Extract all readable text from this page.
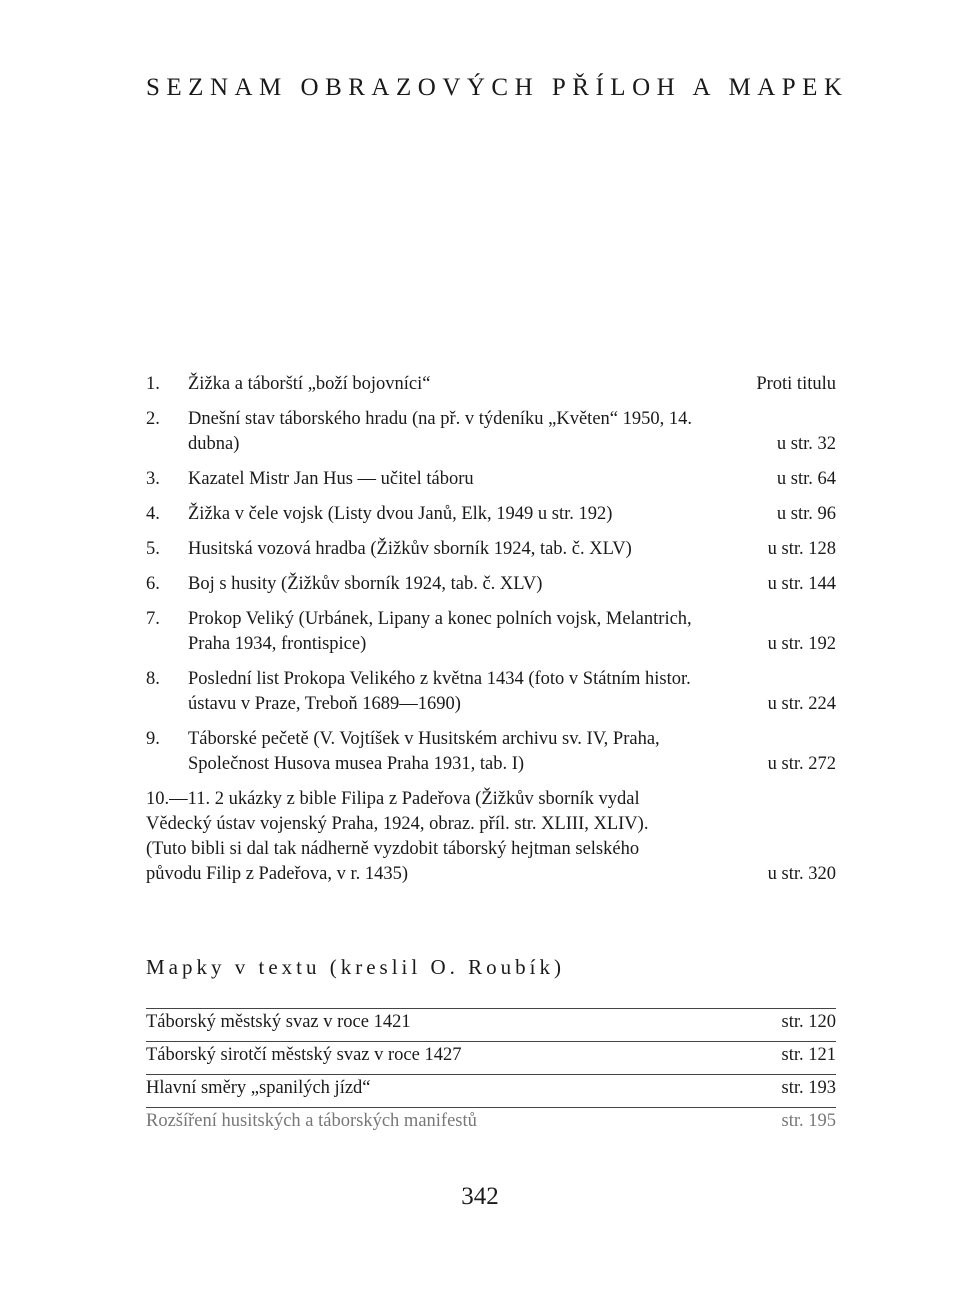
SEZNAM OBRAZOVÝCH PŘÍLOH A MAPEK
1.	Žižka a táborští „boží bojovníci“	Proti titulu
2.	Dnešní stav táborského hradu (na př. v týdeníku „Květen“ 1950, 14. dubna)	u str. 32
3.	Kazatel Mistr Jan Hus — učitel táboru	u str. 64
4.	Žižka v čele vojsk (Listy dvou Janů, Elk, 1949 u str. 192)	u str. 96
5.	Husitská vozová hradba (Žižkův sborník 1924, tab. č. XLV)	u str. 128
6.	Boj s husity (Žižkův sborník 1924, tab. č. XLV)	u str. 144
7.	Prokop Veliký (Urbánek, Lipany a konec polních vojsk, Melantrich, Praha 1934, frontispice)	u str. 192
8.	Poslední list Prokopa Velikého z května 1434 (foto v Státním histor. ústavu v Praze, Treboň 1689—1690)	u str. 224
9.	Táborské pečetě (V. Vojtíšek v Husitském archivu sv. IV, Praha, Společnost Husova musea Praha 1931, tab. I)	u str. 272
10.—11. 2 ukázky z bible Filipa z Padeřova (Žižkův sborník vydal Vědecký ústav vojenský Praha, 1924, obraz. příl. str. XLIII, XLIV). (Tuto bibli si dal tak nádherně vyzdobit táborský hejtman selského původu Filip z Padeřova, v r. 1435)	u str. 320
Mapky v textu (kreslil O. Roubík)
Táborský městský svaz v roce 1421	str. 120
Táborský sirotčí městský svaz v roce 1427	str. 121
Hlavní směry „spanilých jízd“	str. 193
Rozšíření husitských a táborských manifestů	str. 195
342
